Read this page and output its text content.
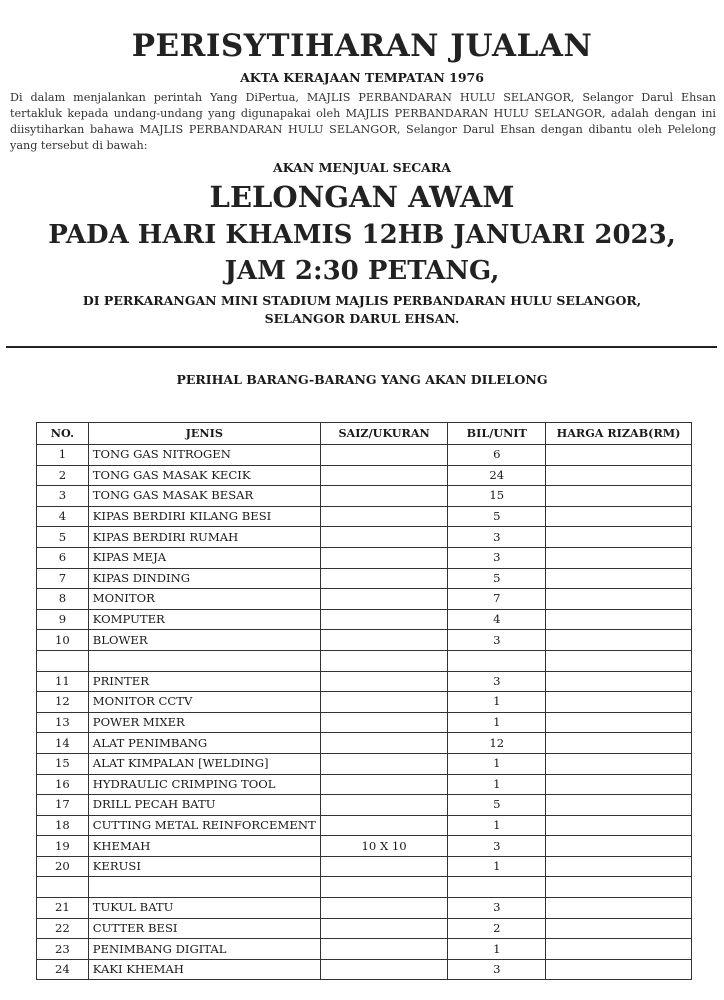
PERISYTIHARAN JUALAN
AKTA KERAJAAN TEMPATAN 1976
Di dalam menjalankan perintah Yang DiPertua, MAJLIS PERBANDARAN HULU SELANGOR, Selangor Darul Ehsan tertakluk kepada undang-undang yang digunapakai oleh MAJLIS PERBANDARAN HULU SELANGOR, adalah dengan ini diisytiharkan bahawa MAJLIS PERBANDARAN HULU SELANGOR, Selangor Darul Ehsan dengan dibantu oleh Pelelong yang tersebut di bawah:
AKAN MENJUAL SECARA
LELONGAN AWAM
PADA HARI KHAMIS 12HB JANUARI 2023,
JAM 2:30 PETANG,
DI PERKARANGAN MINI STADIUM MAJLIS PERBANDARAN HULU SELANGOR,
SELANGOR DARUL EHSAN.
PERIHAL BARANG-BARANG YANG AKAN DILELONG
NO.	JENIS	SAIZ/UKURAN	BIL/UNIT	HARGA RIZAB(RM)
1	TONG GAS NITROGEN		6	
2	TONG GAS MASAK KECIK		24	
3	TONG GAS MASAK BESAR		15	
4	KIPAS BERDIRI KILANG BESI		5	
5	KIPAS BERDIRI RUMAH		3	
6	KIPAS MEJA		3	
7	KIPAS DINDING		5	
8	MONITOR		7	
9	KOMPUTER		4	
10	BLOWER		3	

11	PRINTER		3	
12	MONITOR CCTV		1	
13	POWER MIXER		1	
14	ALAT PENIMBANG		12	
15	ALAT KIMPALAN [WELDING]		1	
16	HYDRAULIC CRIMPING TOOL		1	
17	DRILL PECAH BATU		5	
18	CUTTING METAL REINFORCEMENT		1	
19	KHEMAH	10 X 10	3	
20	KERUSI		1	

21	TUKUL BATU		3	
22	CUTTER BESI		2	
23	PENIMBANG DIGITAL		1	
24	KAKI KHEMAH		3	
